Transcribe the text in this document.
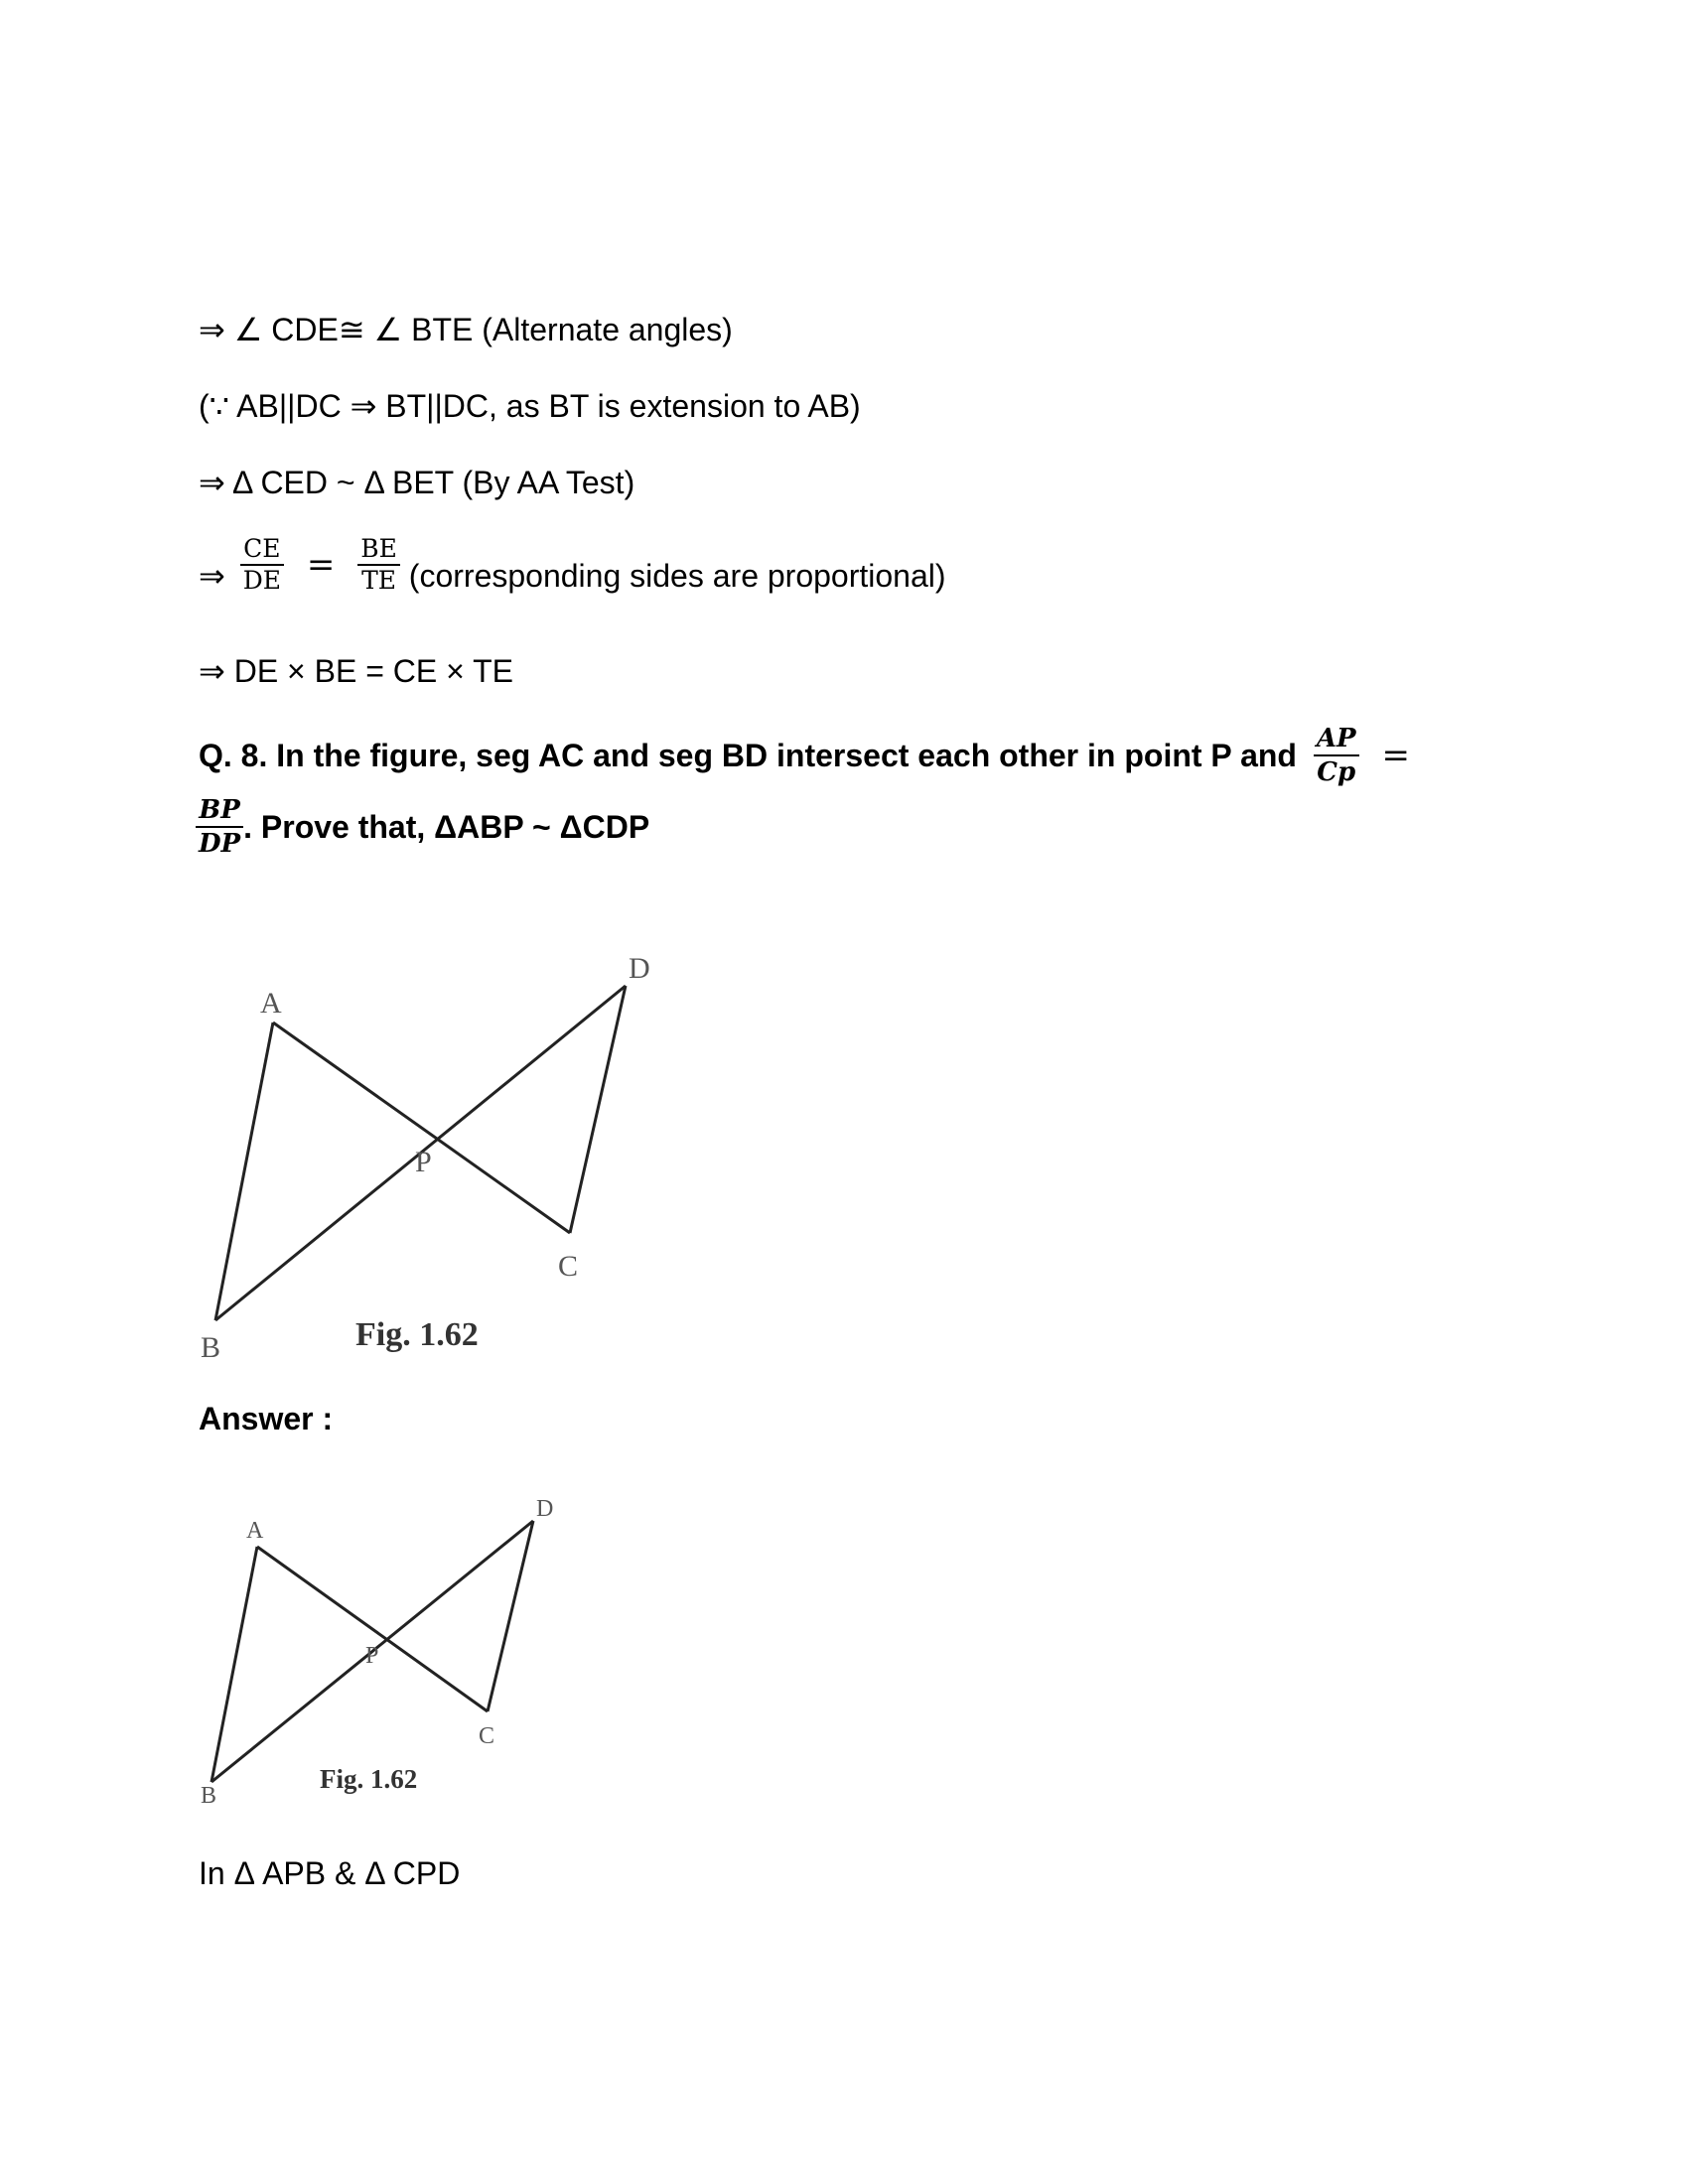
⇒ ∠ CDE≅ ∠ BTE (Alternate angles)
(∵ AB||DC ⇒ BT||DC, as BT is extension to AB)
⇒ Δ CED ~ Δ BET (By AA Test)
⇒ $\frac{CE}{DE} = \frac{BE}{TE}$ (corresponding sides are proportional)
⇒ DE × BE = CE × TE
Q. 8. In the figure, seg AC and seg BD intersect each other in point P and $\frac{AP}{Cp}$ =
$\frac{BP}{DP}$ . Prove that, ΔABP ~ ΔCDP
D
A
P
C
B	Fig. 1.62
Answer :
D
A
P
C
B
Fig. 1.62
In Δ APB & Δ CPD
